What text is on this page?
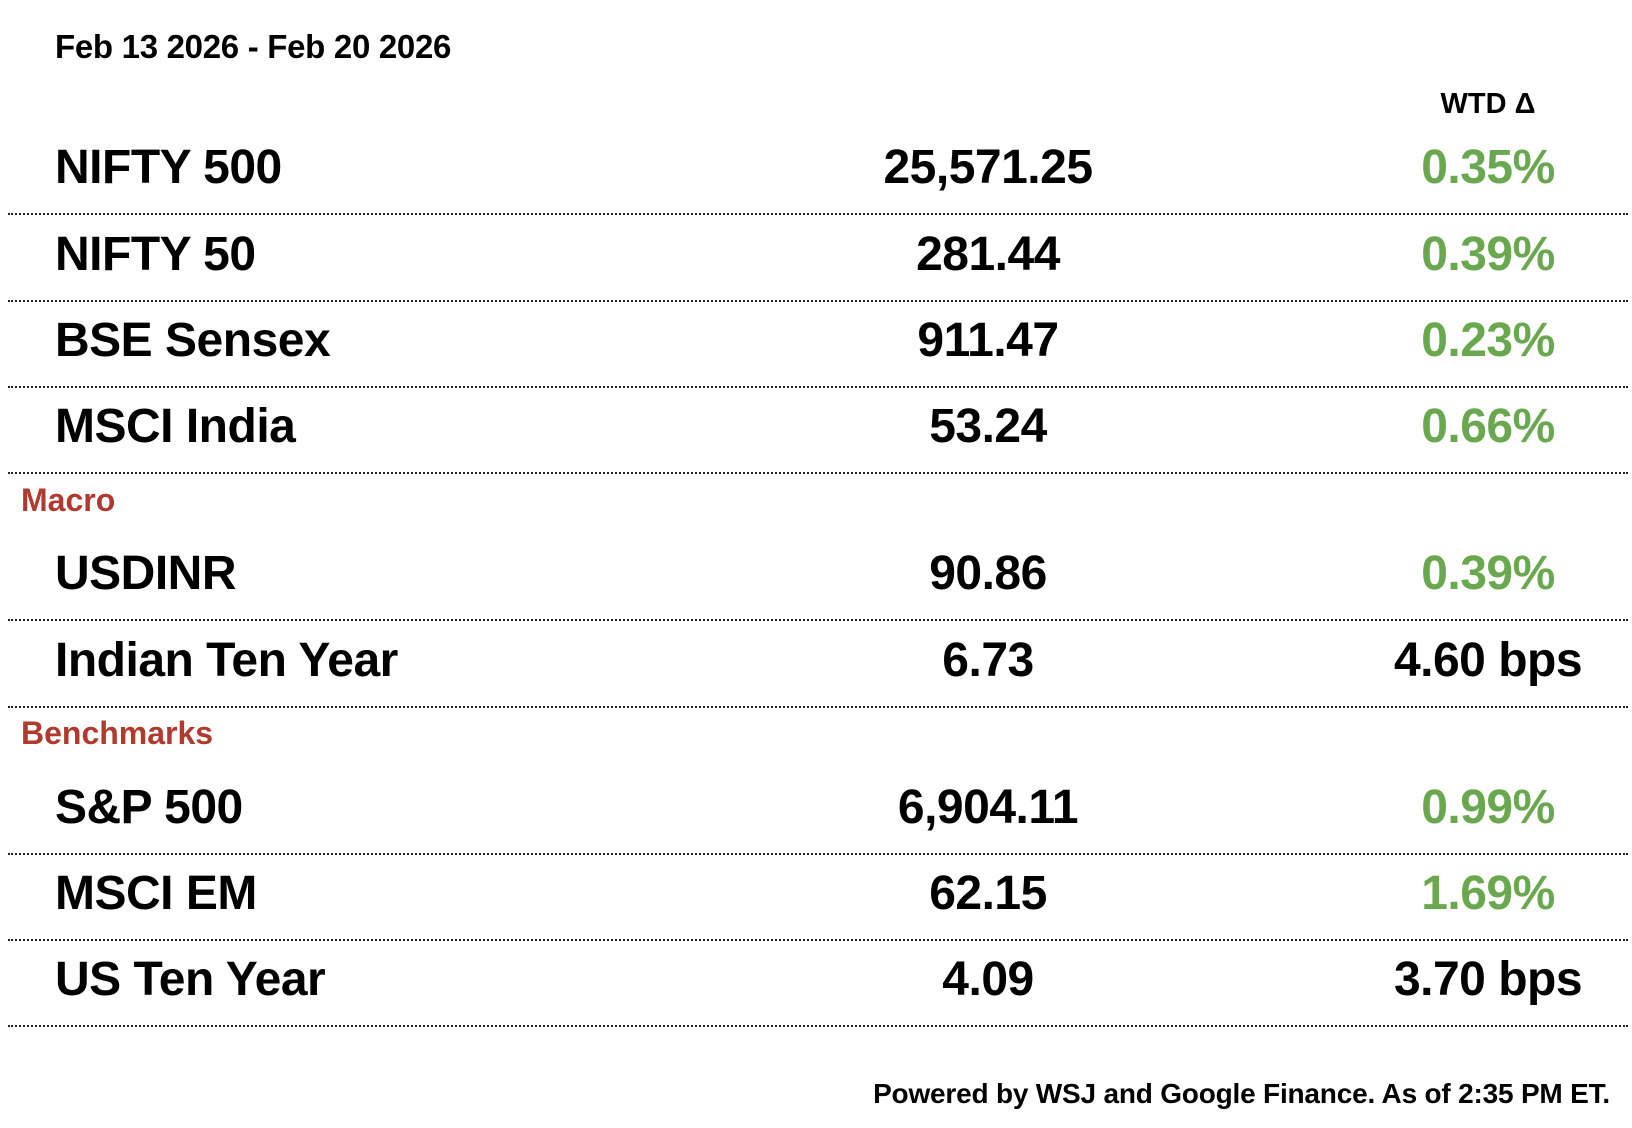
Feb 13 2026 - Feb 20 2026
WTD Δ
NIFTY 500	25,571.25	0.35%
NIFTY 50	281.44	0.39%
BSE Sensex	911.47	0.23%
MSCI India	53.24	0.66%
Macro
USDINR	90.86	0.39%
Indian Ten Year	6.73	4.60 bps
Benchmarks
S&P 500	6,904.11	0.99%
MSCI EM	62.15	1.69%
US Ten Year	4.09	3.70 bps
Powered by WSJ and Google Finance. As of 2:35 PM ET.
